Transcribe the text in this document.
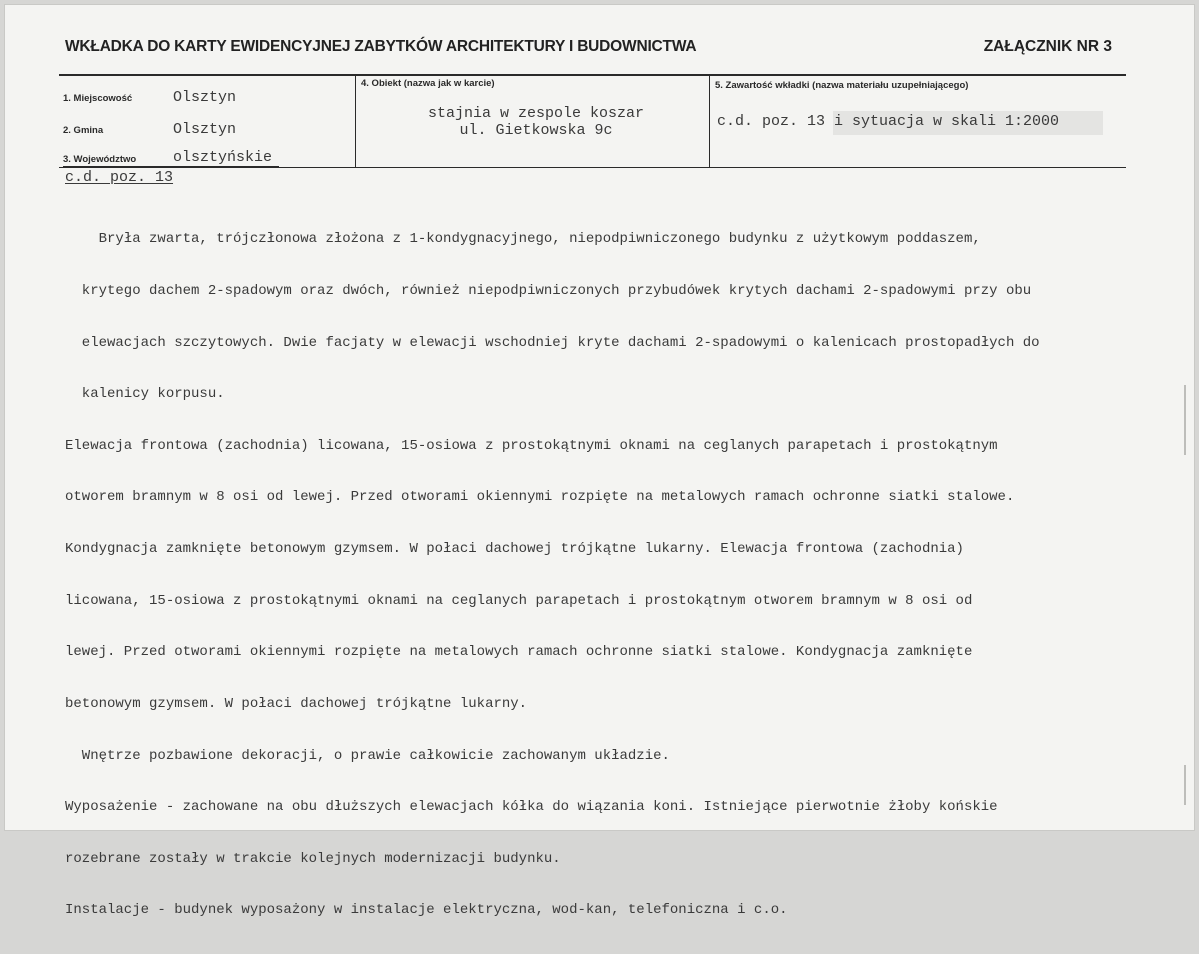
WKŁADKA DO KARTY EWIDENCYJNEJ ZABYTKÓW ARCHITEKTURY I BUDOWNICTWA	ZAŁĄCZNIK NR 3
1. Miejscowość	Olsztyn
2. Gmina	Olsztyn
3. Województwo olsztyńskie
4. Obiekt (nazwa jak w karcie)
stajnia w zespole koszar
ul. Gietkowska 9c
5. Zawartość wkładki (nazwa materiału uzupełniającego)
c.d. poz. 13 i sytuacja w skali 1:2000
c.d. poz. 13

Bryła zwarta, trójczłonowa złożona z 1-kondygnacyjnego, niepodpiwniczonego budynku z użytkowym poddaszem,

krytego dachem 2-spadowym oraz dwóch, również niepodpiwniczonych przybudówek krytych dachami 2-spadowymi przy obu

elewacjach szczytowych. Dwie facjaty w elewacji wschodniej kryte dachami 2-spadowymi o kalenicach prostopadłych do

kalenicy korpusu.

Elewacja frontowa (zachodnia) licowana, 15-osiowa z prostokątnymi oknami na ceglanych parapetach i prostokątnym

otworem bramnym w 8 osi od lewej. Przed otworami okiennymi rozpięte na metalowych ramach ochronne siatki stalowe.

Kondygnacja zamknięte betonowym gzymsem. W połaci dachowej trójkątne lukarny. Elewacja frontowa (zachodnia)

licowana, 15-osiowa z prostokątnymi oknami na ceglanych parapetach i prostokątnym otworem bramnym w 8 osi od

lewej. Przed otworami okiennymi rozpięte na metalowych ramach ochronne siatki stalowe. Kondygnacja zamknięte

betonowym gzymsem. W połaci dachowej trójkątne lukarny.

Wnętrze pozbawione dekoracji, o prawie całkowicie zachowanym układzie.

Wyposażenie - zachowane na obu dłuższych elewacjach kółka do wiązania koni. Istniejące pierwotnie żłoby końskie

rozebrane zostały w trakcie kolejnych modernizacji budynku.

Instalacje - budynek wyposażony w instalacje elektryczna, wod-kan, telefoniczna i c.o.
